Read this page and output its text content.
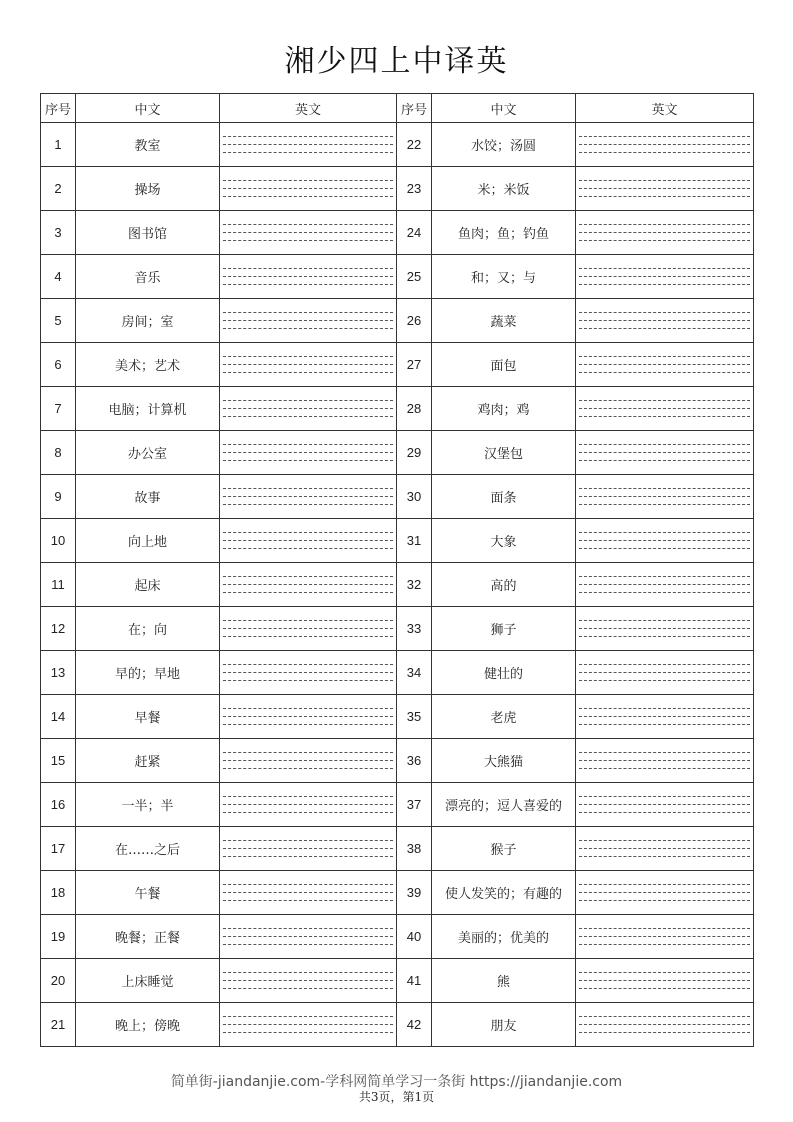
湘少四上中译英
序号	中文	英文	序号	中文	英文
1	教室		22	水饺；汤圆	

2	操场		23	米；米饭	

3	图书馆		24	鱼肉；鱼；钓鱼	

4	音乐		25	和；又；与	

5	房间；室		26	蔬菜	

6	美术；艺术		27	面包	

7	电脑；计算机		28	鸡肉；鸡	

8	办公室		29	汉堡包	

9	故事		30	面条	

10	向上地		31	大象	

11	起床		32	高的	

12	在；向		33	狮子	

13	早的；早地		34	健壮的	

14	早餐		35	老虎	

15	赶紧		36	大熊猫	

16	一半；半		37	漂亮的；逗人喜爱的	

17	在……之后		38	猴子	

18	午餐		39	使人发笑的；有趣的	

19	晚餐；正餐		40	美丽的；优美的	

20	上床睡觉		41	熊	

21	晚上；傍晚		42	朋友	
简单街-jiandanjie.com-学科网简单学习一条街 https://jiandanjie.com
共3页，第1页
